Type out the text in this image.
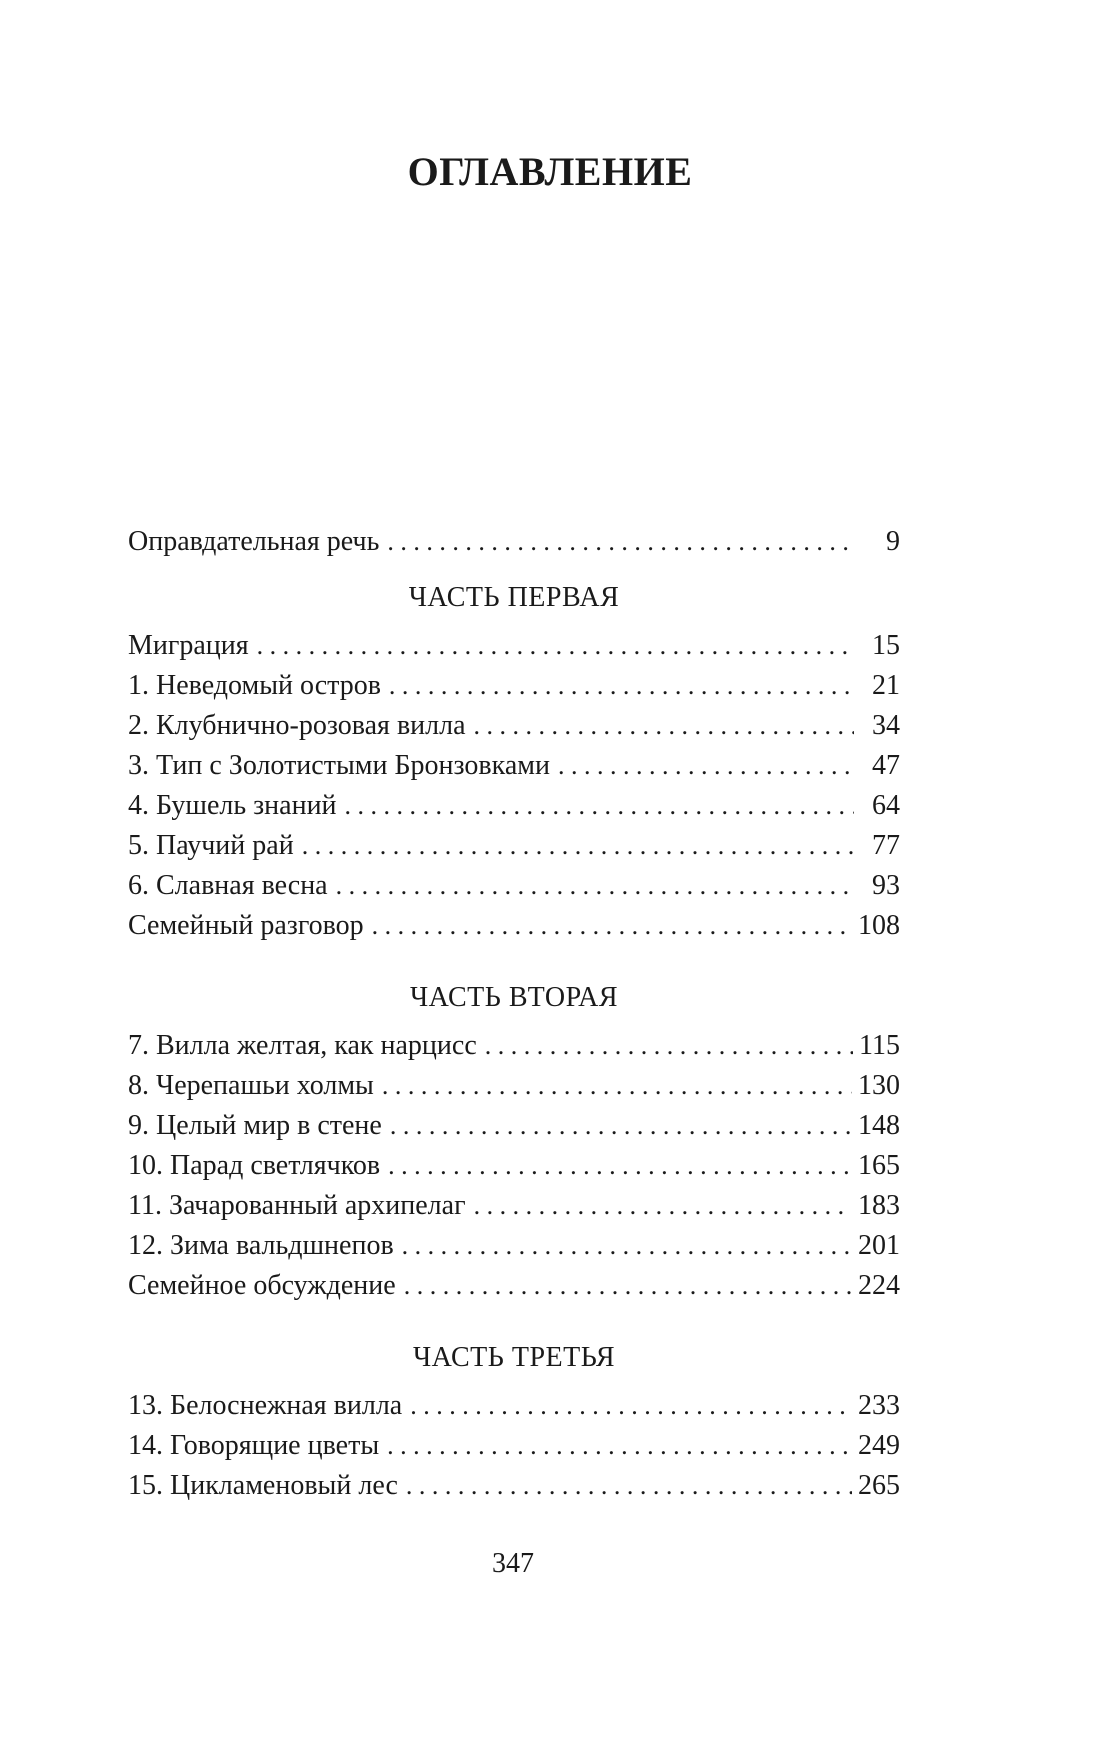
ОГЛАВЛЕНИЕ
Оправдательная речь . . .	9
ЧАСТЬ ПЕРВАЯ
Миграция . . .	15
1. Неведомый остров . . .	21
2. Клубнично-розовая вилла . . .	34
3. Тип с Золотистыми Бронзовками . . .	47
4. Бушель знаний . . .	64
5. Паучий рай . . .	77
6. Славная весна . . .	93
Семейный разговор . . .	108
ЧАСТЬ ВТОРАЯ
7. Вилла желтая, как нарцисс . . .	115
8. Черепашьи холмы . . .	130
9. Целый мир в стене . . .	148
10. Парад светлячков . . .	165
11. Зачарованный архипелаг . . .	183
12. Зима вальдшнепов . . .	201
Семейное обсуждение . . .	224
ЧАСТЬ ТРЕТЬЯ
13. Белоснежная вилла . . .	233
14. Говорящие цветы . . .	249
15. Цикламеновый лес . . .	265
347
